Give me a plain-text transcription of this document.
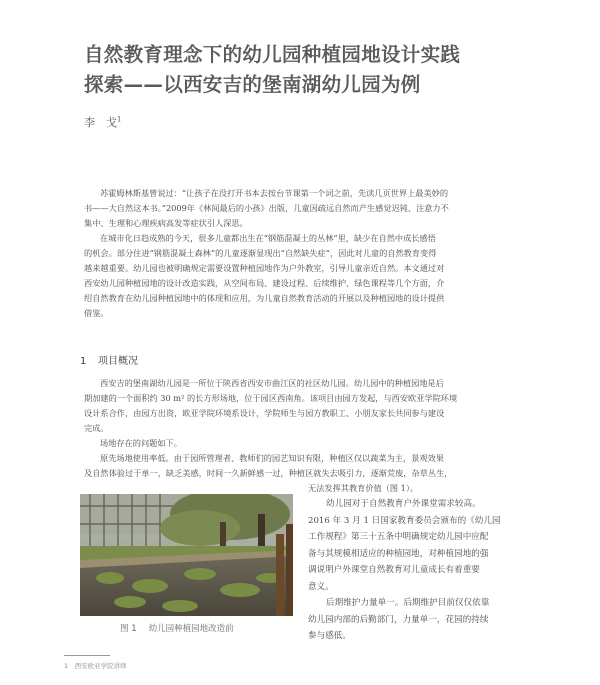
自然教育理念下的幼儿园种植园地设计实践
探索——以西安吉的堡南湖幼儿园为例
李　戈$^1$
苏霍姆林斯基曾说过：“让孩子在没打开书本去按台节课第一个词之前，先读几页世界上最美妙的
书——大自然这本书。”2009年《林间最后的小孩》出版，儿童因疏远自然而产生感觉迟钝、注意力不
集中、生理和心理疾病高发等症状引人深思。
在城市化日趋成熟的今天，很多儿童都出生在“钢筋混凝土的丛林”里，缺少在自然中成长感悟
的机会。部分住进“钢筋混凝土森林”的儿童逐渐显现出“自然缺失症”，因此对儿童的自然教育变得
越来越重要。幼儿园也被明确规定需要设置种植园地作为户外教室，引导儿童亲近自然。本文通过对
西安幼儿园种植园地的设计改造实践，从空间布局、建设过程、后续维护、绿色课程等几个方面，介
绍自然教育在幼儿园种植园地中的体现和应用，为儿童自然教育活动的开展以及种植园地的设计提供
借鉴。
1 项目概况
西安吉的堡南湖幼儿园是一所位于陕西省西安市曲江区的社区幼儿园。幼儿园中的种植园地是后
期加建的一个面积约 30 m² 的长方形场地，位于园区西南角。该项目由园方发起，与西安欧亚学院环境
设计系合作，由园方出资，欧亚学院环境系设计，学院师生与园方教职工、小朋友家长共同参与建设
完成。
场地存在的问题如下。
原先场地使用率低。由于园所管理者、教师们的园艺知识有限，种植区仅以蔬菜为主，景观效果
及自然体验过于单一，缺乏美感，时间一久新鲜感一过，种植区就失去吸引力，逐渐荒废，杂草丛生，
无法发挥其教育价值（图 1）。
幼儿园对于自然教育户外课堂需求较高。
2016 年 3 月 1 日国家教育委员会颁布的《幼儿园
工作规程》第三十五条中明确规定幼儿园中应配
备与其规模相适应的种植园地，对种植园地的强
调说明户外课堂自然教育对儿童成长有着重要
意义。
后期维护力量单一。后期维护目前仅仅依靠
幼儿园内部的后勤部门，力量单一，花园的持续
参与感低。
图 1 幼儿园种植园地改造前
1　西安欧亚学院讲师
